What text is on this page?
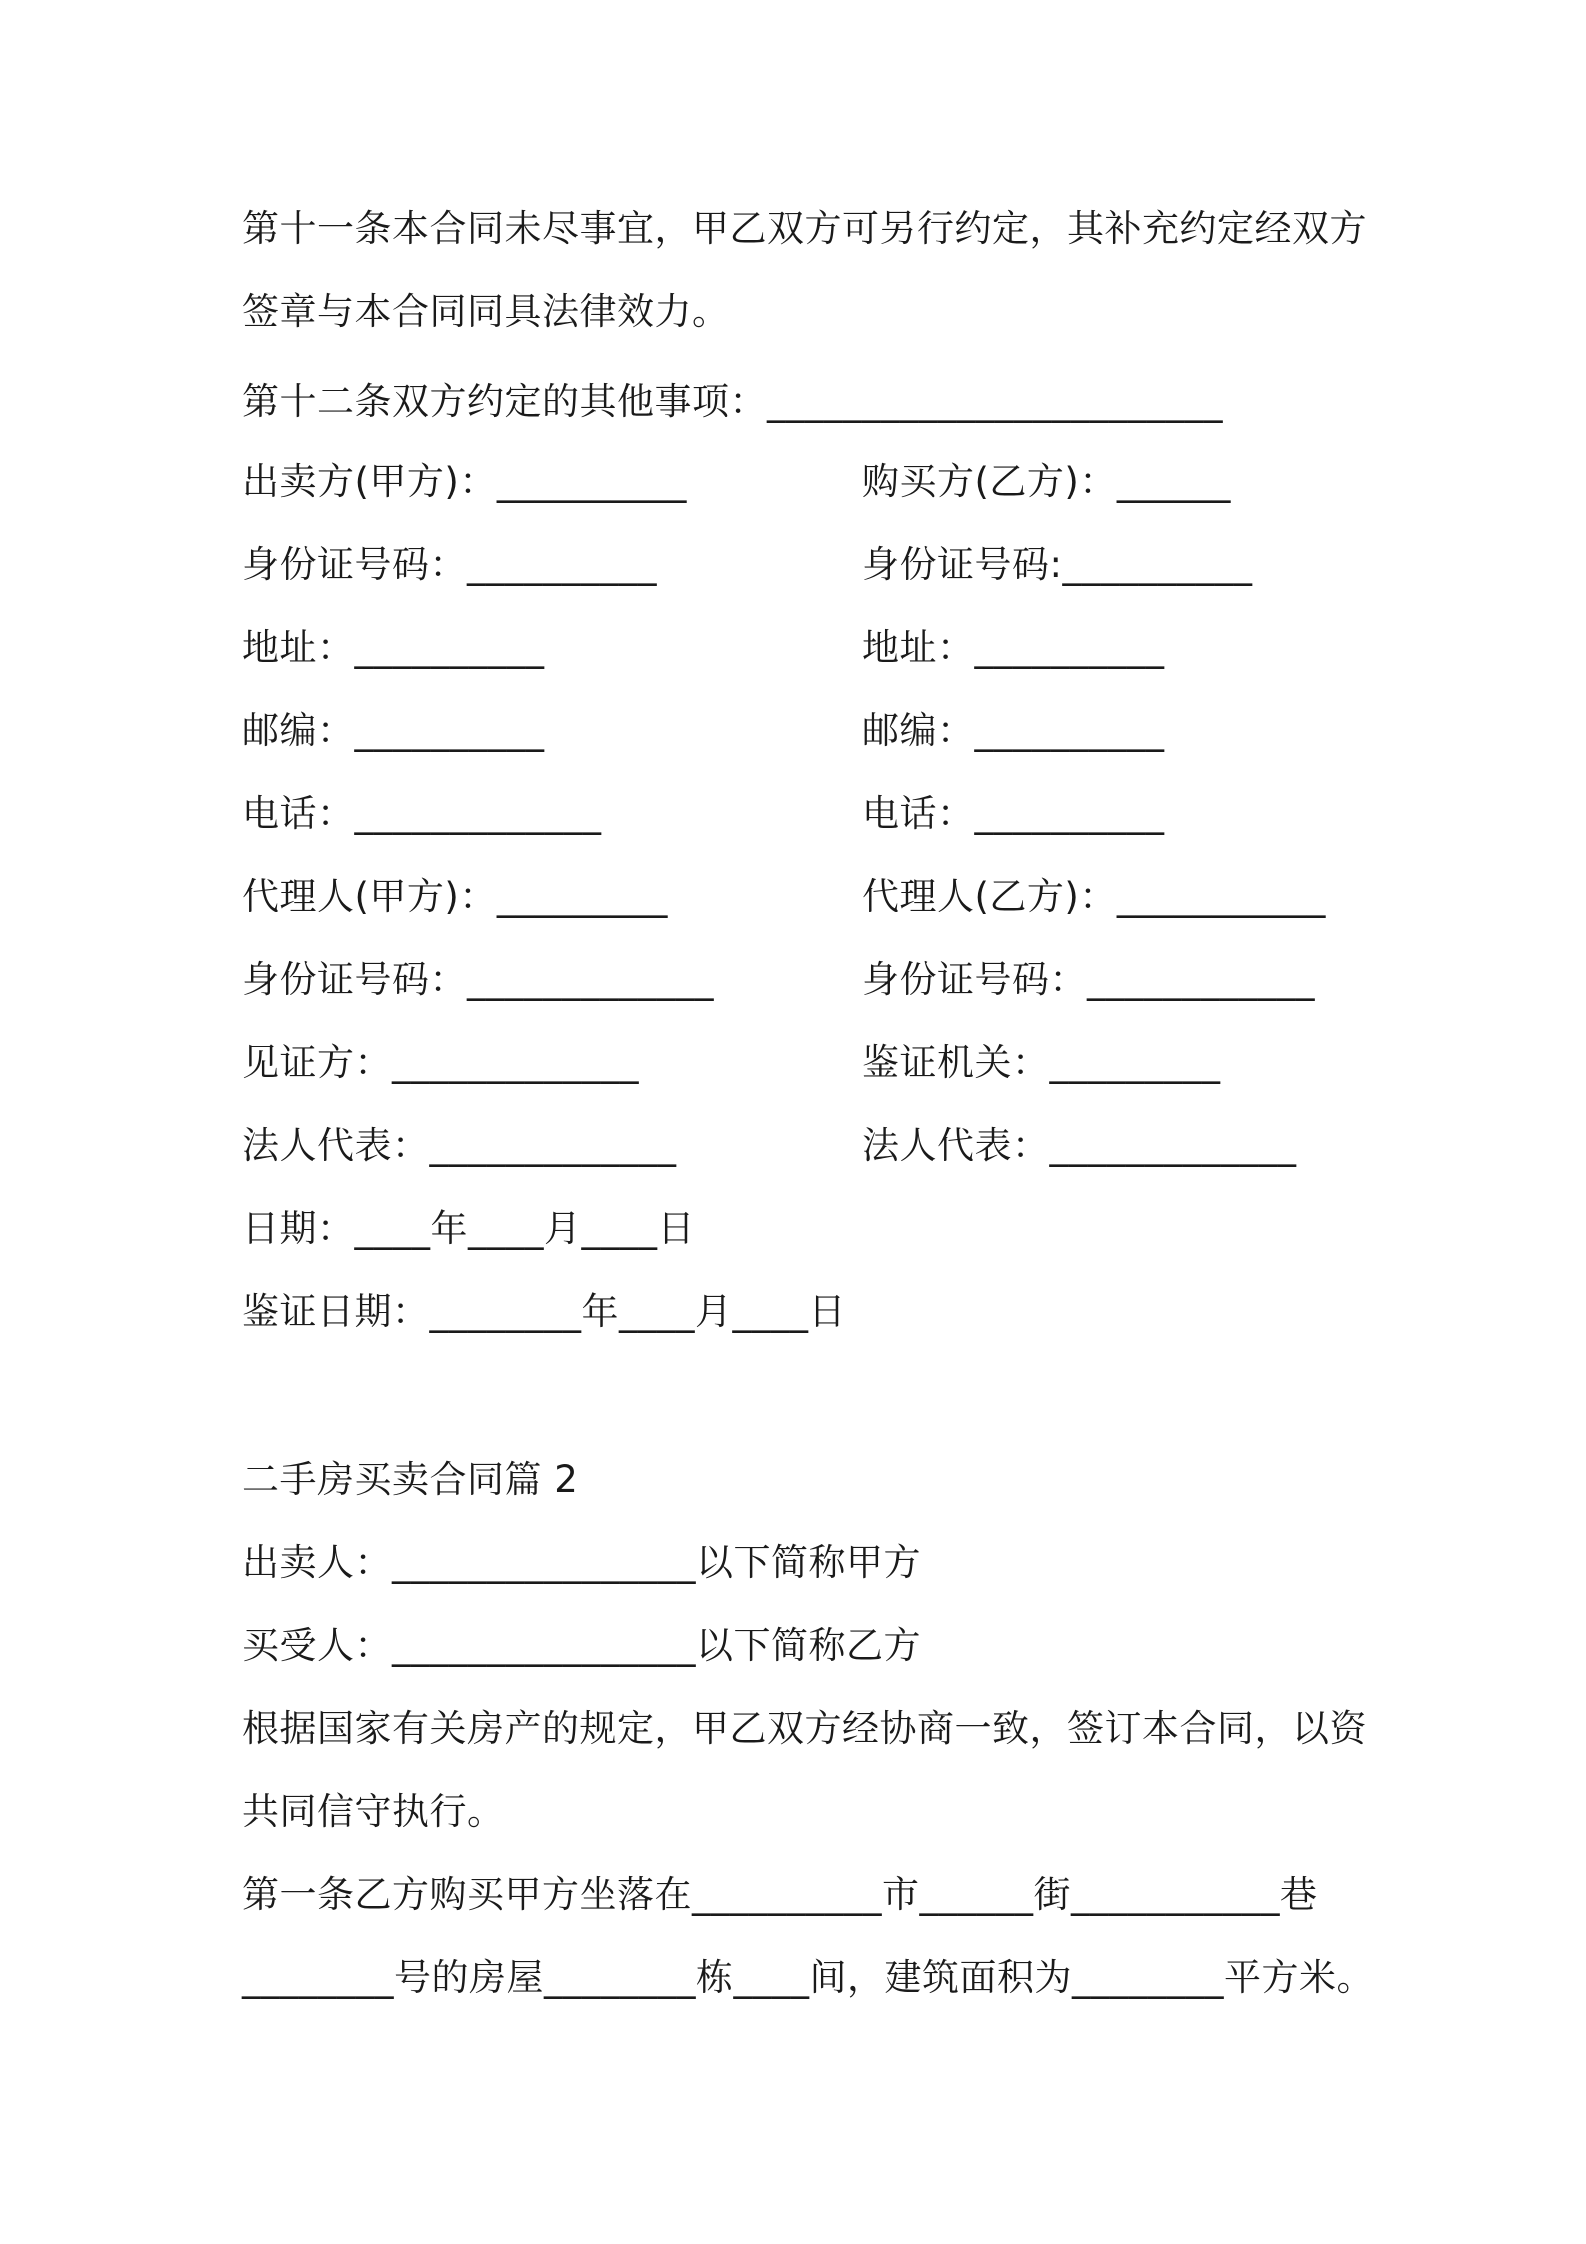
第十一条本合同未尽事宜，甲乙双方可另行约定，其补充约定经双方
签章与本合同同具法律效力。
第十二条双方约定的其他事项：________________________
出卖方(甲方)：__________
身份证号码：__________
地址：__________
邮编：__________
电话：_____________
代理人(甲方)：_________
身份证号码：_____________
见证方：_____________
法人代表：_____________
日期：____年____月____日
鉴证日期：________年____月____日
购买方(乙方)：______
身份证号码:__________
地址：__________
邮编：__________
电话：__________
代理人(乙方)：___________
身份证号码：____________
鉴证机关：_________
法人代表：_____________
二手房买卖合同篇 2
出卖人：________________以下简称甲方
买受人：________________以下简称乙方
根据国家有关房产的规定，甲乙双方经协商一致，签订本合同，以资
共同信守执行。
第一条乙方购买甲方坐落在__________市______街___________巷
________号的房屋________栋____间，建筑面积为________平方米。
